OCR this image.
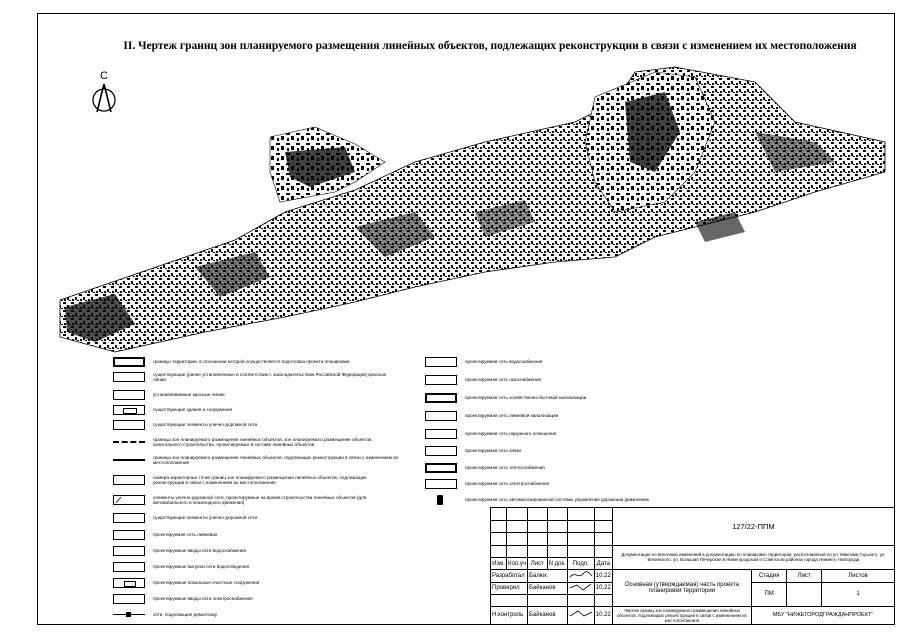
II. Чертеж границ зон планируемого размещения линейных объектов, подлежащих реконструкции в связи с изменением их местоположения
С
границы территории, в отношении которой осуществляется подготовка проекта планировки
существующие (ранее установленные в соответствии с законодательством Российской Федерации) красные линии
устанавливаемые красные линии
существующие здания и сооружения
существующие элементы улично-дорожной сети
границы зон планируемого размещения линейных объектов, зон планируемого размещения объектов капитального строительства, проектируемых в составе линейных объектов
границы зон планируемого размещения линейных объектов, подлежащих реконструкции в связи с изменением их местоположения
номера характерных точек границ зон планируемого размещения линейных объектов, подлежащих реконструкции в связи с изменением их местоположения
элементы улично-дорожной сети, проектируемые на время строительства линейных объектов (для автомобильного и пешеходного движения)
существующие элементы улично-дорожной сети
проектируемая сеть ливневая
проектируемые вводы сети водоснабжения
проектируемые выпуски сети водоотведения
проектируемые локальные очистные сооружения
проектируемые вводы сети электроснабжения
сети, подлежащие демонтажу
проектируемая сеть водоснабжения
проектируемая сеть газоснабжения
проектируемая сеть хозяйственно-бытовой канализации
проектируемая сеть ливневой канализации
проектируемая сеть наружного освещения
проектируемая сеть связи
проектируемая сеть теплоснабжения
проектируемая сеть электроснабжения
проектируемая сеть автоматизированной системы управления дорожным движением
						127/22-ППМ			

						Документация по внесению изменений в документацию по планировке территории, расположенной по ул. Максима Горького, ул. Белинского, ул. Большая Печерская в Нижегородском и Советском районах города Нижнего Новгорода			
Изм.	Кол.уч	Лист	N док.	Подп.	Дата				
Разработал		Балюк			10.22	Основная (утверждаемая) часть проекта планировки территории	Стадия	Лист	Листов
Проверил		Байканов			10.22		ПМ		1

Н.контроль		Байканов			10.22	Чертеж границ зон планируемого размещения линейных объектов, подлежащих реконструкции в связи с изменением их местоположения	МБУ "НИЖЕГОРОДГРАЖДАНПРОЕКТ"		
